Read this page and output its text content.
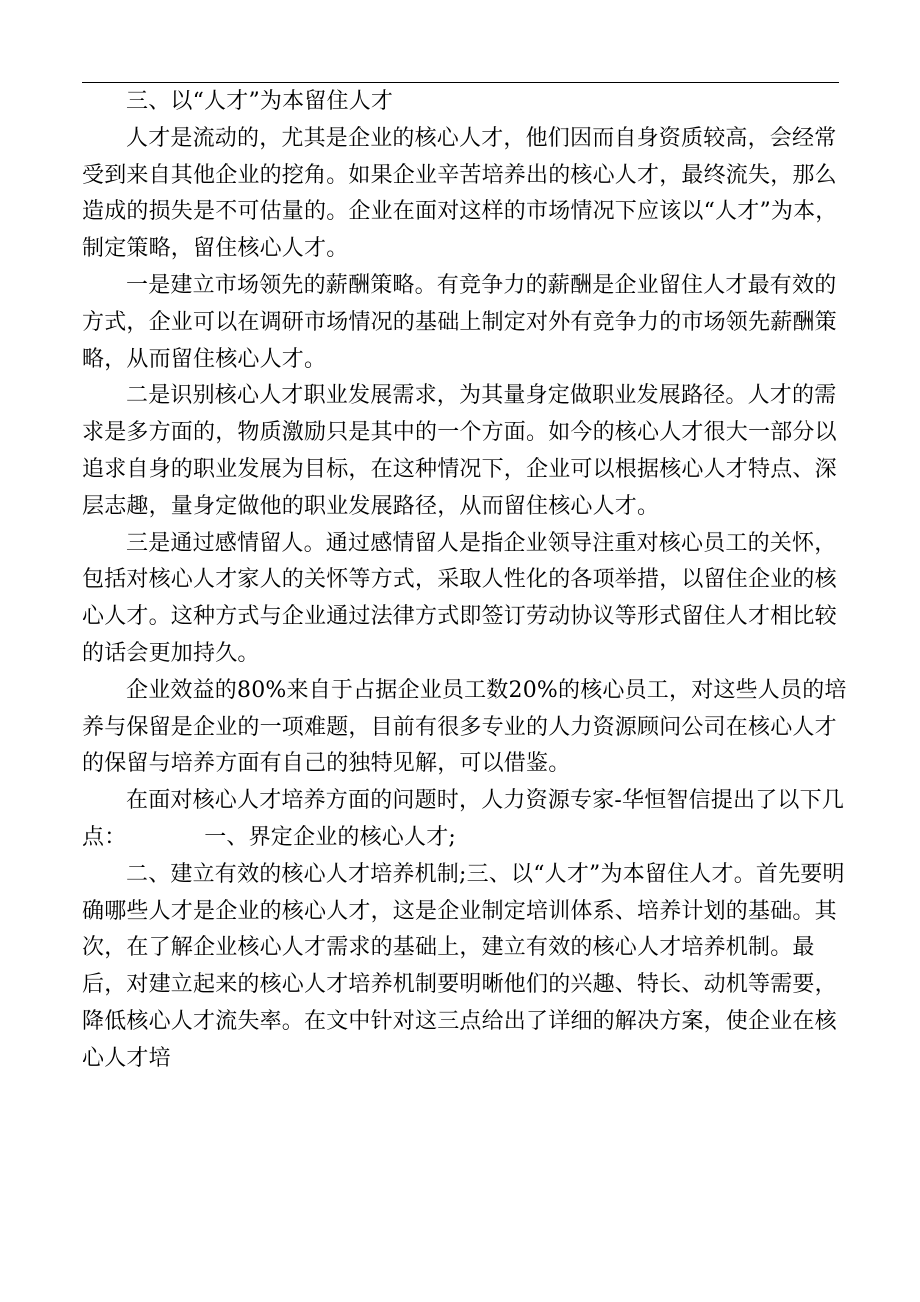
三、以“人才”为本留住人才

人才是流动的，尤其是企业的核心人才，他们因而自身资质较高，会经常受到来自其他企业的挖角。如果企业辛苦培养出的核心人才，最终流失，那么造成的损失是不可估量的。企业在面对这样的市场情况下应该以“人才”为本，制定策略，留住核心人才。

一是建立市场领先的薪酬策略。有竞争力的薪酬是企业留住人才最有效的方式，企业可以在调研市场情况的基础上制定对外有竞争力的市场领先薪酬策略，从而留住核心人才。

二是识别核心人才职业发展需求，为其量身定做职业发展路径。人才的需求是多方面的，物质激励只是其中的一个方面。如今的核心人才很大一部分以追求自身的职业发展为目标，在这种情况下，企业可以根据核心人才特点、深层志趣，量身定做他的职业发展路径，从而留住核心人才。

三是通过感情留人。通过感情留人是指企业领导注重对核心员工的关怀，包括对核心人才家人的关怀等方式，采取人性化的各项举措，以留住企业的核心人才。这种方式与企业通过法律方式即签订劳动协议等形式留住人才相比较的话会更加持久。

企业效益的80%来自于占据企业员工数20%的核心员工，对这些人员的培养与保留是企业的一项难题，目前有很多专业的人力资源顾问公司在核心人才的保留与培养方面有自己的独特见解，可以借鉴。

在面对核心人才培养方面的问题时，人力资源专家-华恒智信提出了以下几点：　　　　一、界定企业的核心人才;

二、建立有效的核心人才培养机制;三、以“人才”为本留住人才。首先要明确哪些人才是企业的核心人才，这是企业制定培训体系、培养计划的基础。其次，在了解企业核心人才需求的基础上，建立有效的核心人才培养机制。最后，对建立起来的核心人才培养机制要明晰他们的兴趣、特长、动机等需要，降低核心人才流失率。在文中针对这三点给出了详细的解决方案，使企业在核心人才培
